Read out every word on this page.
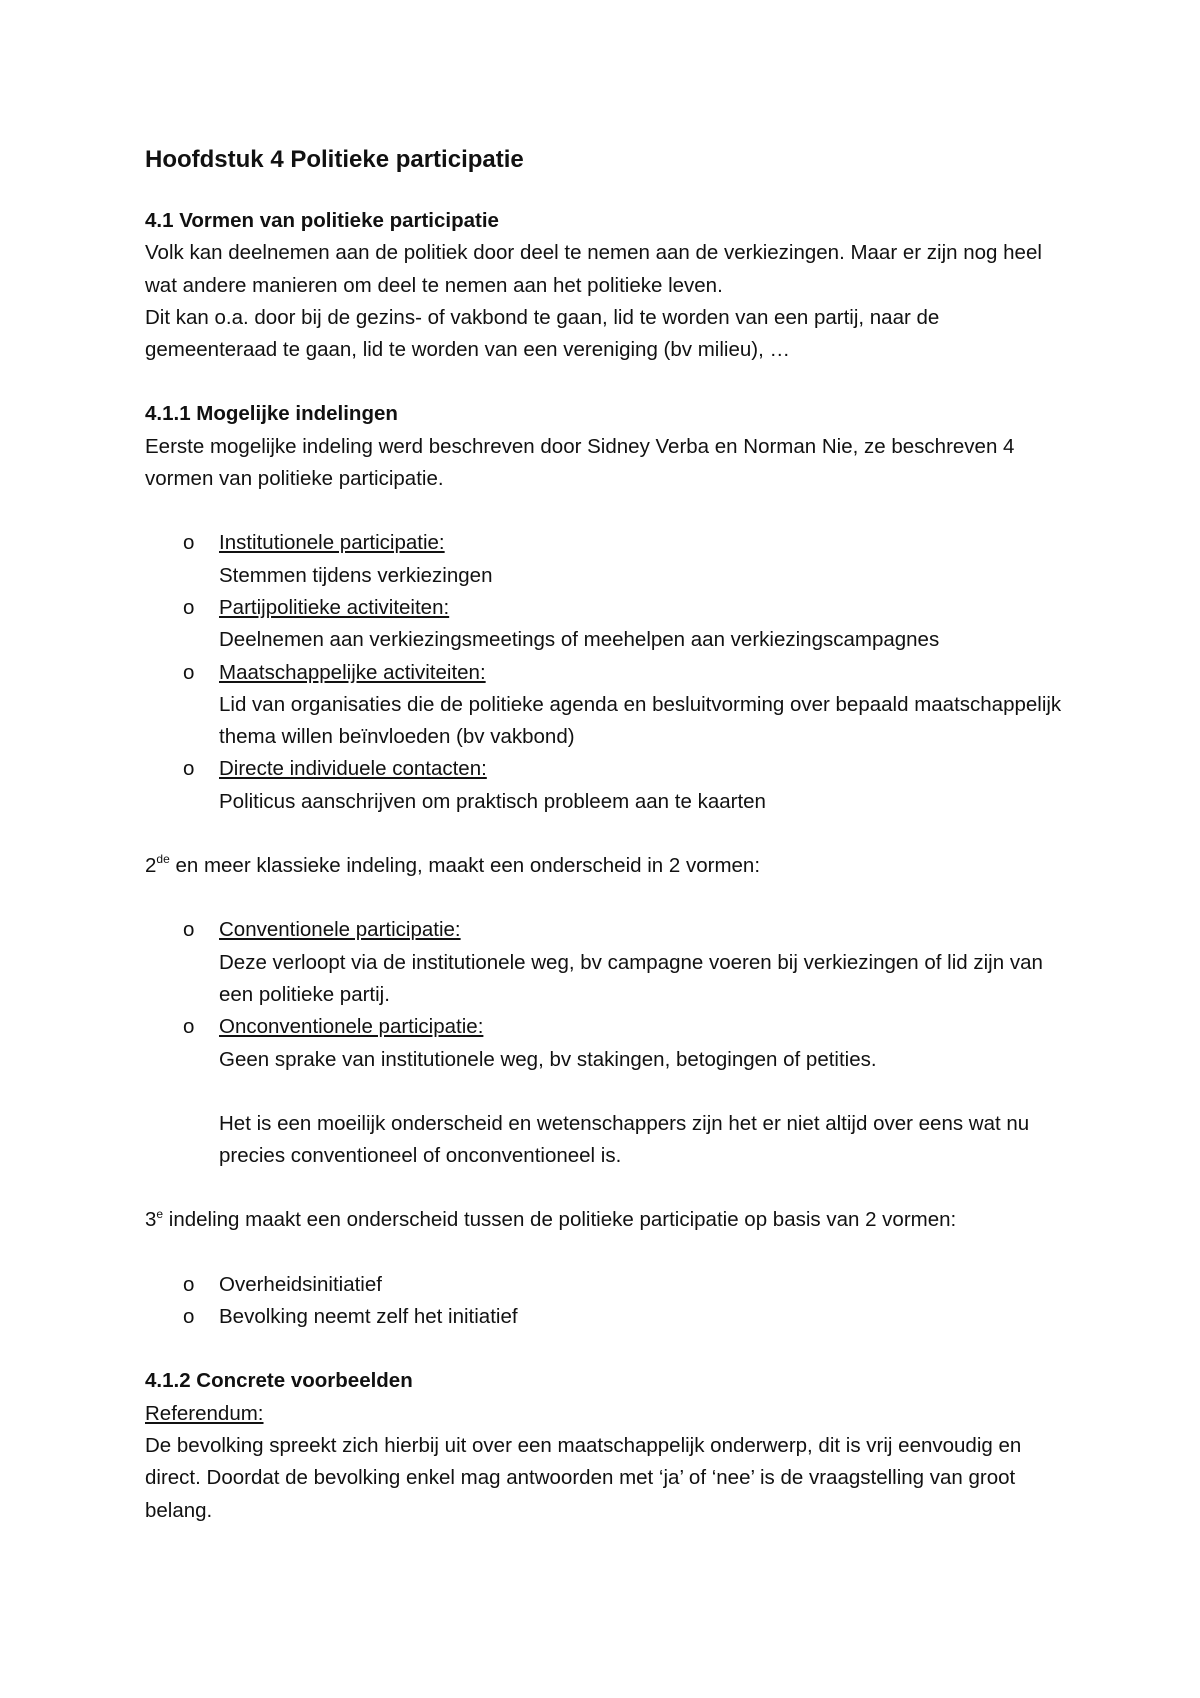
Hoofdstuk 4 Politieke participatie

4.1 Vormen van politieke participatie

Volk kan deelnemen aan de politiek door deel te nemen aan de verkiezingen. Maar er zijn nog heel wat andere manieren om deel te nemen aan het politieke leven.

Dit kan o.a. door bij de gezins- of vakbond te gaan, lid te worden van een partij, naar de gemeenteraad te gaan, lid te worden van een vereniging (bv milieu), …

4.1.1 Mogelijke indelingen

Eerste mogelijke indeling werd beschreven door Sidney Verba en Norman Nie, ze beschreven 4 vormen van politieke participatie.

o	Institutionele participatie:
Stemmen tijdens verkiezingen
o	Partijpolitieke activiteiten:
Deelnemen aan verkiezingsmeetings of meehelpen aan verkiezingscampagnes
o	Maatschappelijke activiteiten:
Lid van organisaties die de politieke agenda en besluitvorming over bepaald maatschappelijk thema willen beïnvloeden (bv vakbond)
o	Directe individuele contacten:
Politicus aanschrijven om praktisch probleem aan te kaarten

2de en meer klassieke indeling, maakt een onderscheid in 2 vormen:

o	Conventionele participatie:
Deze verloopt via de institutionele weg, bv campagne voeren bij verkiezingen of lid zijn van een politieke partij.
o	Onconventionele participatie:
Geen sprake van institutionele weg, bv stakingen, betogingen of petities.
Het is een moeilijk onderscheid en wetenschappers zijn het er niet altijd over eens wat nu precies conventioneel of onconventioneel is.

3e indeling maakt een onderscheid tussen de politieke participatie op basis van 2 vormen:

o	Overheidsinitiatief
o	Bevolking neemt zelf het initiatief

4.1.2 Concrete voorbeelden

Referendum:

De bevolking spreekt zich hierbij uit over een maatschappelijk onderwerp, dit is vrij eenvoudig en direct. Doordat de bevolking enkel mag antwoorden met ‘ja’ of ‘nee’ is de vraagstelling van groot belang.
